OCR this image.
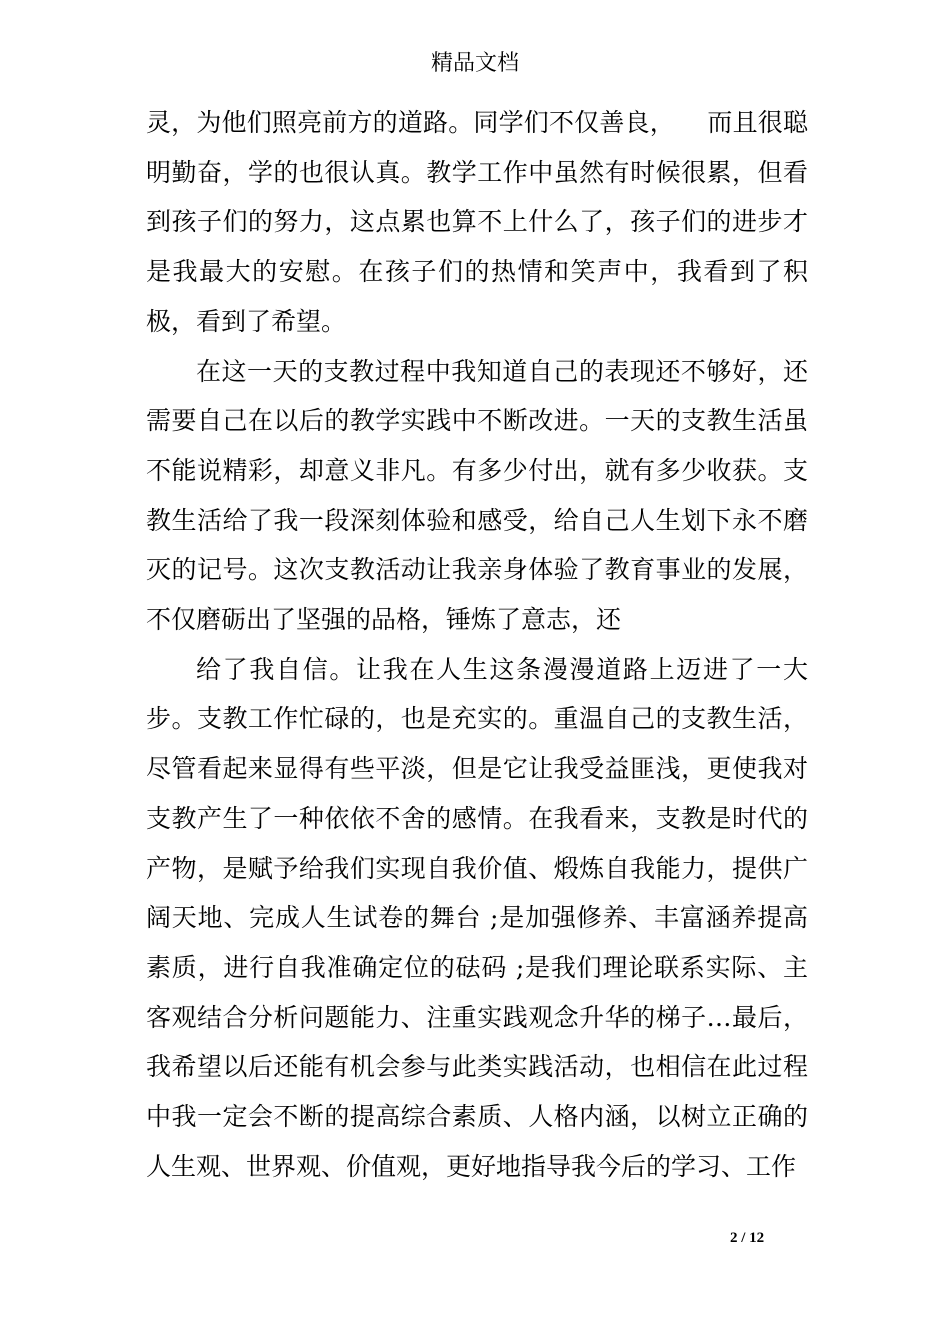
精品文档

灵，为他们照亮前方的道路。同学们不仅善良，    而且很聪明勤奋，学的也很认真。教学工作中虽然有时候很累，但看到孩子们的努力，这点累也算不上什么了，孩子们的进步才是我最大的安慰。在孩子们的热情和笑声中，我看到了积极，看到了希望。

在这一天的支教过程中我知道自己的表现还不够好，还需要自己在以后的教学实践中不断改进。一天的支教生活虽不能说精彩，却意义非凡。有多少付出，就有多少收获。支教生活给了我一段深刻体验和感受，给自己人生划下永不磨灭的记号。这次支教活动让我亲身体验了教育事业的发展，不仅磨砺出了坚强的品格，锤炼了意志，还

给了我自信。让我在人生这条漫漫道路上迈进了一大步。支教工作忙碌的，也是充实的。重温自己的支教生活，尽管看起来显得有些平淡，但是它让我受益匪浅，更使我对支教产生了一种依依不舍的感情。在我看来，支教是时代的产物，是赋予给我们实现自我价值、煅炼自我能力，提供广阔天地、完成人生试卷的舞台 ;是加强修养、丰富涵养提高素质，进行自我准确定位的砝码 ;是我们理论联系实际、主客观结合分析问题能力、注重实践观念升华的梯子…最后，我希望以后还能有机会参与此类实践活动，也相信在此过程中我一定会不断的提高综合素质、人格内涵，以树立正确的人生观、世界观、价值观，更好地指导我今后的学习、工作

2 / 12
